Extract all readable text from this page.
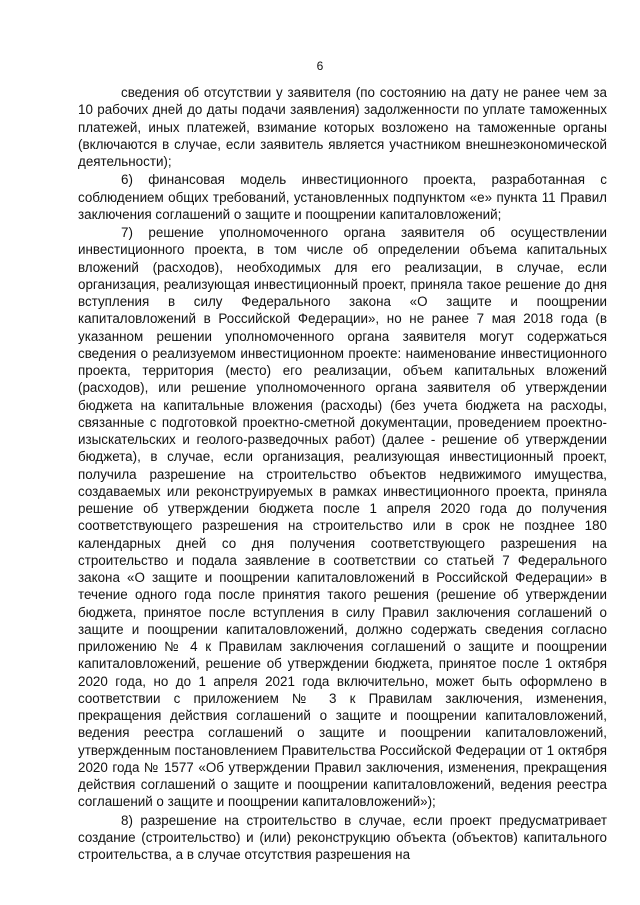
6

сведения об отсутствии у заявителя (по состоянию на дату не ранее чем за 10 рабочих дней до даты подачи заявления) задолженности по уплате таможенных платежей, иных платежей, взимание которых возложено на таможенные органы (включаются в случае, если заявитель является участником внешнеэкономической деятельности);

6) финансовая модель инвестиционного проекта, разработанная с соблюдением общих требований, установленных подпунктом «е» пункта 11 Правил заключения соглашений о защите и поощрении капиталовложений;

7) решение уполномоченного органа заявителя об осуществлении инвестиционного проекта, в том числе об определении объема капитальных вложений (расходов), необходимых для его реализации, в случае, если организация, реализующая инвестиционный проект, приняла такое решение до дня вступления в силу Федерального закона «О защите и поощрении капиталовложений в Российской Федерации», но не ранее 7 мая 2018 года (в указанном решении уполномоченного органа заявителя могут содержаться сведения о реализуемом инвестиционном проекте: наименование инвестиционного проекта, территория (место) его реализации, объем капитальных вложений (расходов), или решение уполномоченного органа заявителя об утверждении бюджета на капитальные вложения (расходы) (без учета бюджета на расходы, связанные с подготовкой проектно-сметной документации, проведением проектно-изыскательских и геолого-разведочных работ) (далее - решение об утверждении бюджета), в случае, если организация, реализующая инвестиционный проект, получила разрешение на строительство объектов недвижимого имущества, создаваемых или реконструируемых в рамках инвестиционного проекта, приняла решение об утверждении бюджета после 1 апреля 2020 года до получения соответствующего разрешения на строительство или в срок не позднее 180 календарных дней со дня получения соответствующего разрешения на строительство и подала заявление в соответствии со статьей 7 Федерального закона «О защите и поощрении капиталовложений в Российской Федерации» в течение одного года после принятия такого решения (решение об утверждении бюджета, принятое после вступления в силу Правил заключения соглашений о защите и поощрении капиталовложений, должно содержать сведения согласно приложению № 4 к Правилам заключения соглашений о защите и поощрении капиталовложений, решение об утверждении бюджета, принятое после 1 октября 2020 года, но до 1 апреля 2021 года включительно, может быть оформлено в соответствии с приложением № 3 к Правилам заключения, изменения, прекращения действия соглашений о защите и поощрении капиталовложений, ведения реестра соглашений о защите и поощрении капиталовложений, утвержденным постановлением Правительства Российской Федерации от 1 октября 2020 года № 1577 «Об утверждении Правил заключения, изменения, прекращения действия соглашений о защите и поощрении капиталовложений, ведения реестра соглашений о защите и поощрении капиталовложений»);

8) разрешение на строительство в случае, если проект предусматривает создание (строительство) и (или) реконструкцию объекта (объектов) капитального строительства, а в случае отсутствия разрешения на
